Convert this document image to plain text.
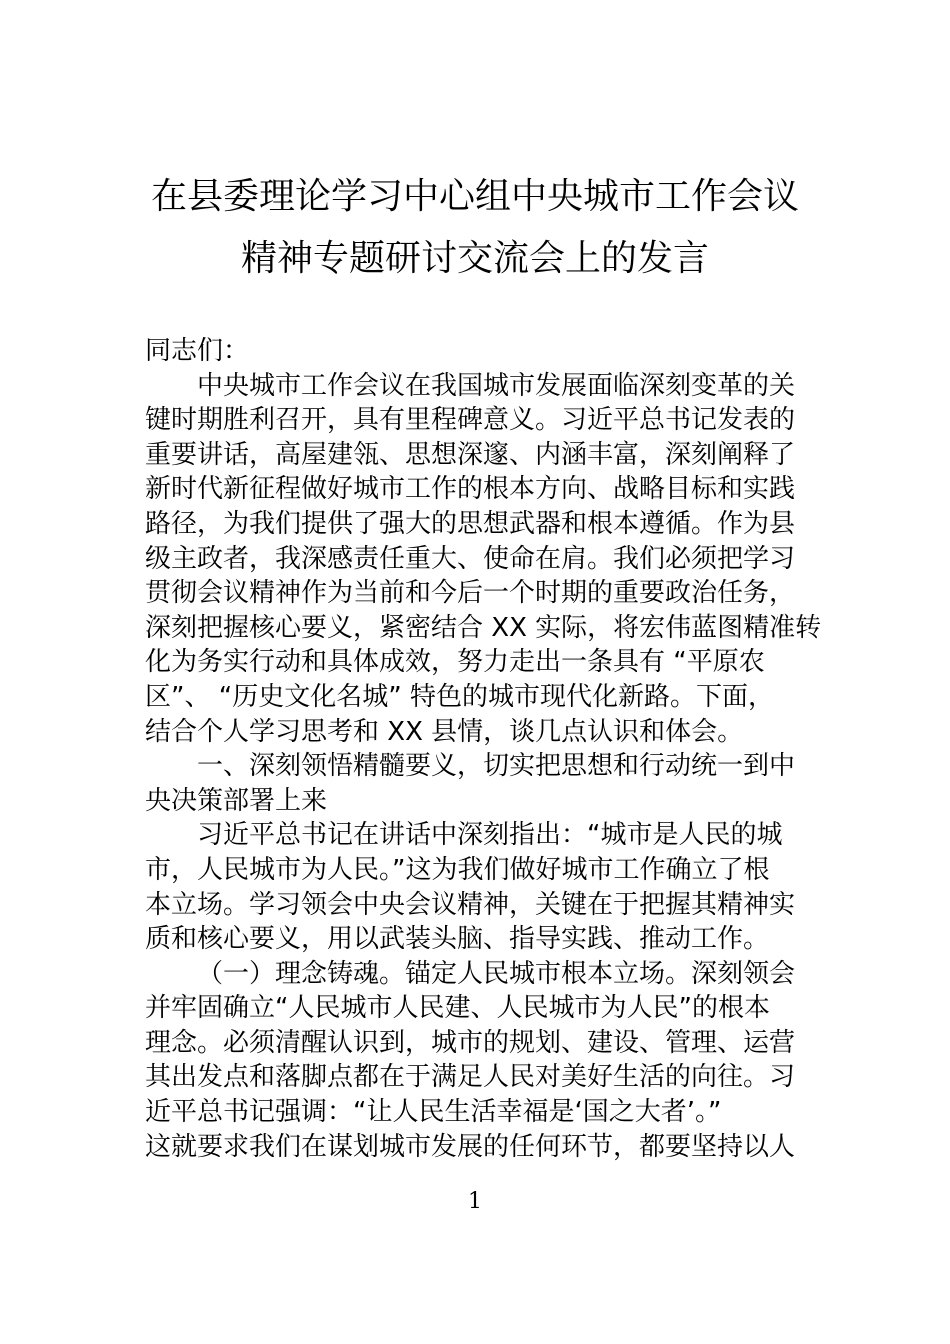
在县委理论学习中心组中央城市工作会议
精神专题研讨交流会上的发言
同志们：
中央城市工作会议在我国城市发展面临深刻变革的关
键时期胜利召开，具有里程碑意义。习近平总书记发表的
重要讲话，高屋建瓴、思想深邃、内涵丰富，深刻阐释了
新时代新征程做好城市工作的根本方向、战略目标和实践
路径，为我们提供了强大的思想武器和根本遵循。作为县
级主政者，我深感责任重大、使命在肩。我们必须把学习
贯彻会议精神作为当前和今后一个时期的重要政治任务，
深刻把握核心要义，紧密结合 XX 实际，将宏伟蓝图精准转
化为务实行动和具体成效，努力走出一条具有 “平原农
区”、 “历史文化名城” 特色的城市现代化新路。下面，
结合个人学习思考和 XX 县情，谈几点认识和体会。
一、深刻领悟精髓要义，切实把思想和行动统一到中
央决策部署上来
习近平总书记在讲话中深刻指出：“城市是人民的城
市，人民城市为人民。”这为我们做好城市工作确立了根
本立场。学习领会中央会议精神，关键在于把握其精神实
质和核心要义，用以武装头脑、指导实践、推动工作。
（一）理念铸魂。锚定人民城市根本立场。深刻领会
并牢固确立“人民城市人民建、人民城市为人民”的根本
理念。必须清醒认识到，城市的规划、建设、管理、运营
其出发点和落脚点都在于满足人民对美好生活的向往。习
近平总书记强调：“让人民生活幸福是‘国之大者’。”
这就要求我们在谋划城市发展的任何环节，都要坚持以人
1
